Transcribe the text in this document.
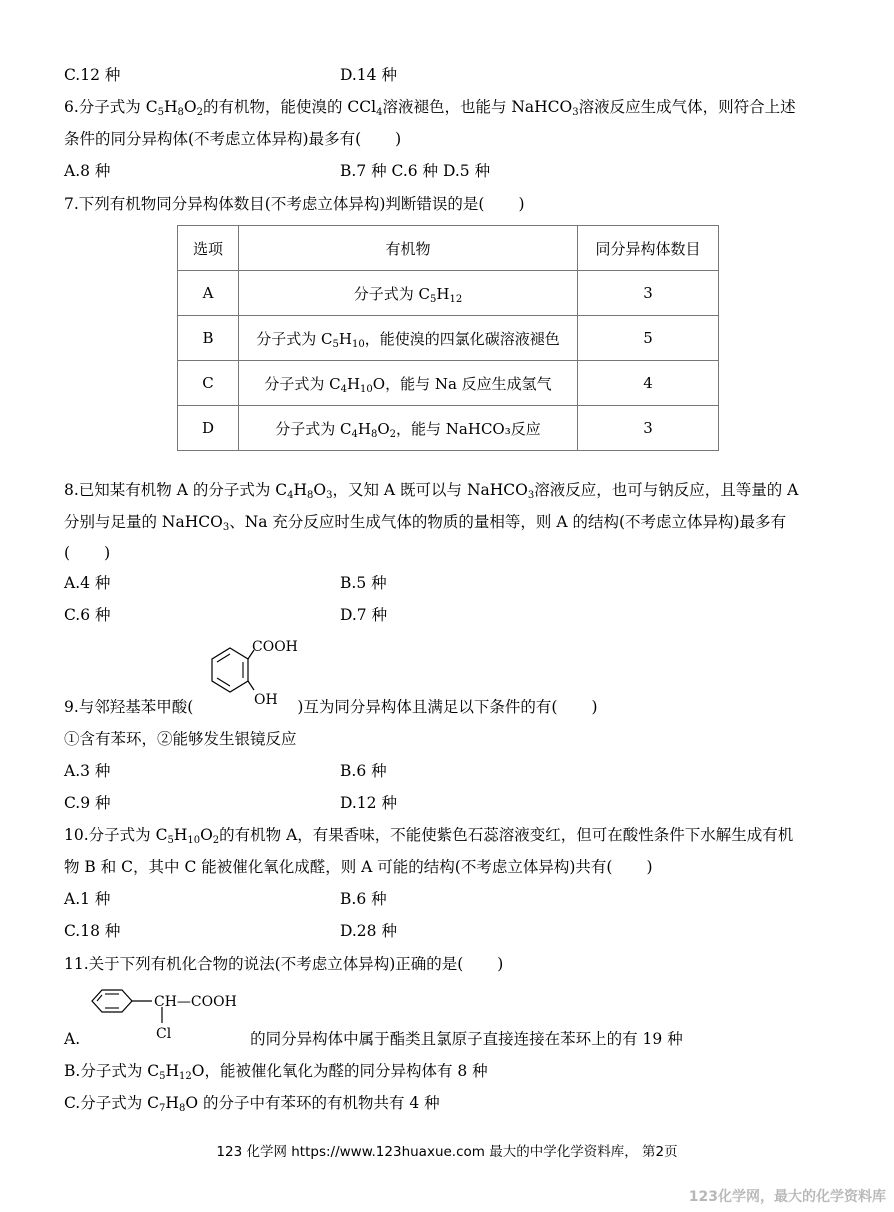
C.12 种	D.14 种
6.分子式为 $C_5H_8O_2$的有机物，能使溴的 CCl$_4$溶液褪色，也能与 NaHCO$_3$溶液反应生成气体，则符合上述
条件的同分异构体(不考虑立体异构)最多有( )
A.8 种	B.7 种 C.6 种 D.5 种
7.下列有机物同分异构体数目(不考虑立体异构)判断错误的是( )
选项	有机物	同分异构体数目
A	分子式为 $C_5H_{12}$	3
B	分子式为 $C_5H_{10}$，能使溴的四氯化碳溶液褪色	5
C	分子式为 $C_4H_{10}O$，能与 Na 反应生成氢气	4
D	分子式为 $C_4H_8O_2$，能与 NaHCO₃反应	3
8.已知某有机物 A 的分子式为 $C_4H_8O_3$，又知 A 既可以与 NaHCO$_3$溶液反应，也可与钠反应，且等量的 A
分别与足量的 NaHCO$_3$、Na 充分反应时生成气体的物质的量相等，则 A 的结构(不考虑立体异构)最多有
( )
A.4 种	B.5 种
C.6 种	D.7 种
COOH
OH
9.与邻羟基苯甲酸(	)互为同分异构体且满足以下条件的有( )
①含有苯环，②能够发生银镜反应
A.3 种	B.6 种
C.9 种	D.12 种
10.分子式为 $C_5H_{10}O_2$的有机物 A，有果香味，不能使紫色石蕊溶液变红，但可在酸性条件下水解生成有机
物 B 和 C，其中 C 能被催化氧化成醛，则 A 可能的结构(不考虑立体异构)共有( )
A.1 种	B.6 种
C.18 种	D.28 种
11.关于下列有机化合物的说法(不考虑立体异构)正确的是( )
CH—COOH
Cl
A.	的同分异构体中属于酯类且氯原子直接连接在苯环上的有 19 种
B.分子式为 $C_5H_{12}O$，能被催化氧化为醛的同分异构体有 8 种
C.分子式为 $C_7H_8O$ 的分子中有苯环的有机物共有 4 种
123 化学网 https://www.123huaxue.com 最大的中学化学资料库， 第2页
123化学网，最大的化学资料库
